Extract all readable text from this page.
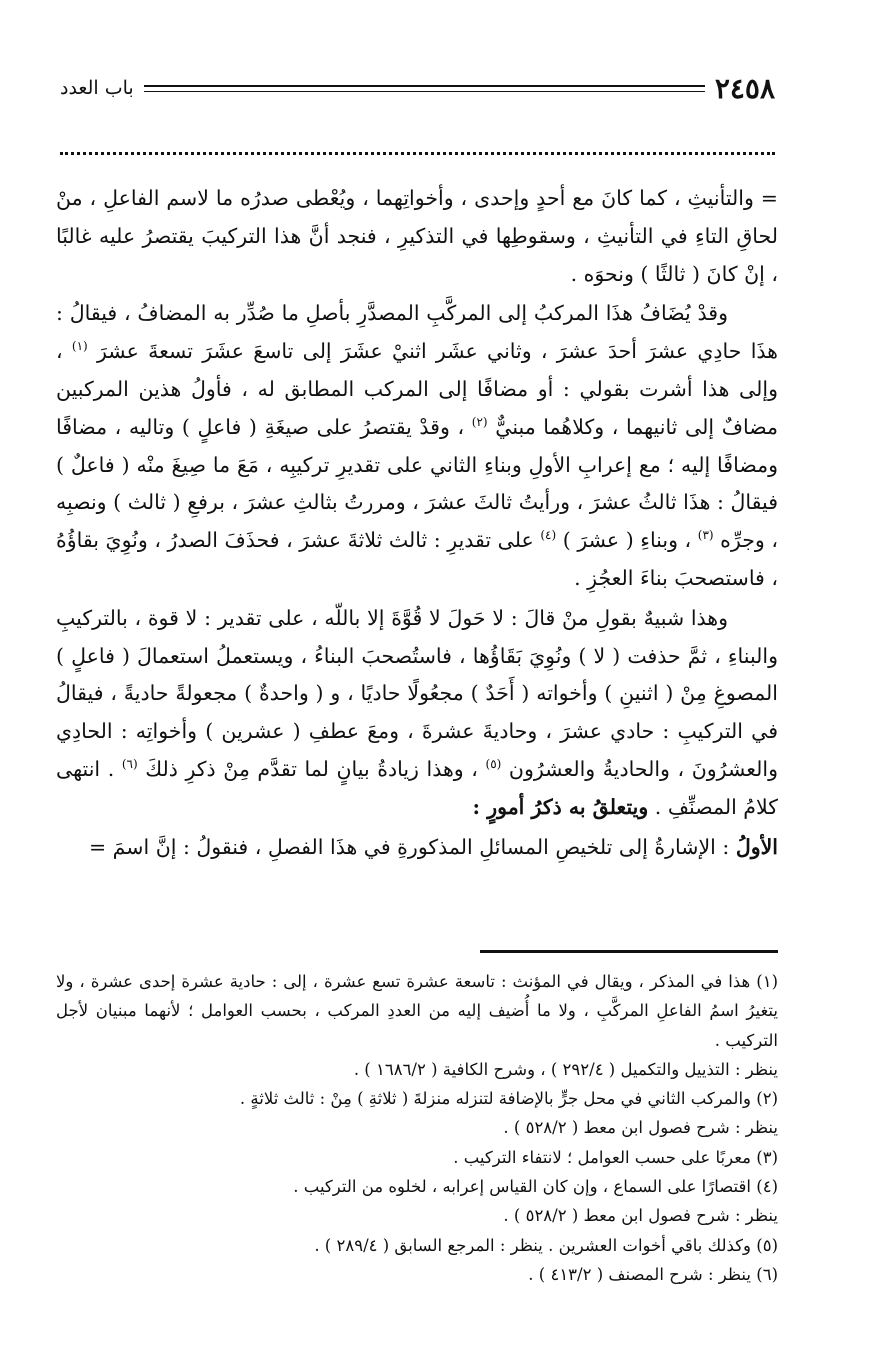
٢٤٥٨
باب العدد

= والتأنيثِ ، كما كانَ مع أحدٍ وإحدى ، وأخواتِهما ، ويُعْطى صدرُه ما لاسم الفاعلِ ، منْ لحاقِ التاءِ في التأنيثِ ، وسقوطِها في التذكيرِ ، فنجد أنَّ هذا التركيبَ يقتصرُ عليه غالبًا ، إنْ كانَ ( ثالثًا ) ونحوَه .

وقدْ يُضَافُ هذَا المركبُ إلى المركَّبِ المصدَّرِ بأصلِ ما صُدِّر به المضافُ ، فيقالُ : هذَا حادِي عشرَ أحدَ عشرَ ، وثاني عشَر اثنيْ عشَرَ إلى تاسعَ عشَرَ تسعةَ عشرَ $^{(١)}$ ، وإلى هذا أشرت بقولي : أو مضافًا إلى المركب المطابق له ، فأولُ هذين المركبين مضافٌ إلى ثانيهما ، وكلاهُما مبنيٌّ $^{(٢)}$ ، وقدْ يقتصرُ على صيغَةِ ( فاعلٍ ) وتاليه ، مضافًا ومضافًا إليه ؛ مع إعرابِ الأولِ وبناءِ الثاني على تقديرِ تركيبِه ، مَعَ ما صِيغَ منْه ( فاعلٌ ) فيقالُ : هذَا ثالثُ عشرَ ، ورأيتُ ثالثَ عشرَ ، ومررتُ بثالثِ عشرَ ، برفعِ ( ثالث ) ونصبِه ، وجرِّه $^{(٣)}$ ، وبناءِ ( عشرَ ) $^{(٤)}$ على تقديرِ : ثالث ثلاثةَ عشرَ ، فحذَفَ الصدرُ ، ونُوِيَ بقاؤُهُ ، فاستصحبَ بناءَ العجُزِ .

وهذا شبيهٌ بقولِ منْ قالَ : لا حَولَ لا قُوَّةَ إلا باللّه ، على تقدير : لا قوة ، بالتركيبِ والبناءِ ، ثمَّ حذفت ( لا ) ونُوِيَ بَقَاؤُها ، فاستُصحبَ البناءُ ، ويستعملُ استعمالَ ( فاعلٍ ) المصوغِ مِنْ ( اثنينِ ) وأخواته ( أَحَدٌ ) مجعُولًا حاديًا ، و ( واحدةٌ ) مجعولةً حاديةً ، فيقالُ في التركيبِ : حادي عشرَ ، وحاديةَ عشرةَ ، ومعَ عطفِ ( عشرين ) وأخواتِه : الحادِي والعشرُونَ ، والحاديةُ والعشرُون $^{(٥)}$ ، وهذا زيادةُ بيانٍ لما تقدَّم مِنْ ذكرِ ذلكَ $^{(٦)}$ . انتهى كلامُ المصنِّفِ . ويتعلقُ به ذكرُ أمورٍ :

الأولُ : الإشارةُ إلى تلخيصِ المسائلِ المذكورةِ في هذَا الفصلِ ، فنقولُ : إنَّ اسمَ =

(١) هذا في المذكر ، ويقال في المؤنث : تاسعة عشرة تسع عشرة ، إلى : حادية عشرة إحدى عشرة ، ولا يتغيرُ اسمُ الفاعلِ المركَّبِ ، ولا ما أُضيف إليه من العددِ المركب ، بحسب العوامل ؛ لأنهما مبنيان لأجل التركيب .

ينظر : التذييل والتكميل ( ٢٩٢/٤ ) ، وشرح الكافية ( ١٦٨٦/٢ ) .

(٢) والمركب الثاني في محل جرٍّ بالإضافة لتنزله منزلةَ ( ثلاثةِ ) مِنْ : ثالث ثلاثةٍ .

ينظر : شرح فصول ابن معط ( ٥٢٨/٢ ) .

(٣) معربًا على حسب العوامل ؛ لانتفاء التركيب .

(٤) اقتصارًا على السماع ، وإن كان القياس إعرابه ، لخلوه من التركيب .

ينظر : شرح فصول ابن معط ( ٥٢٨/٢ ) .

(٥) وكذلك باقي أخوات العشرين . ينظر : المرجع السابق ( ٢٨٩/٤ ) .

(٦) ينظر : شرح المصنف ( ٤١٣/٢ ) .
